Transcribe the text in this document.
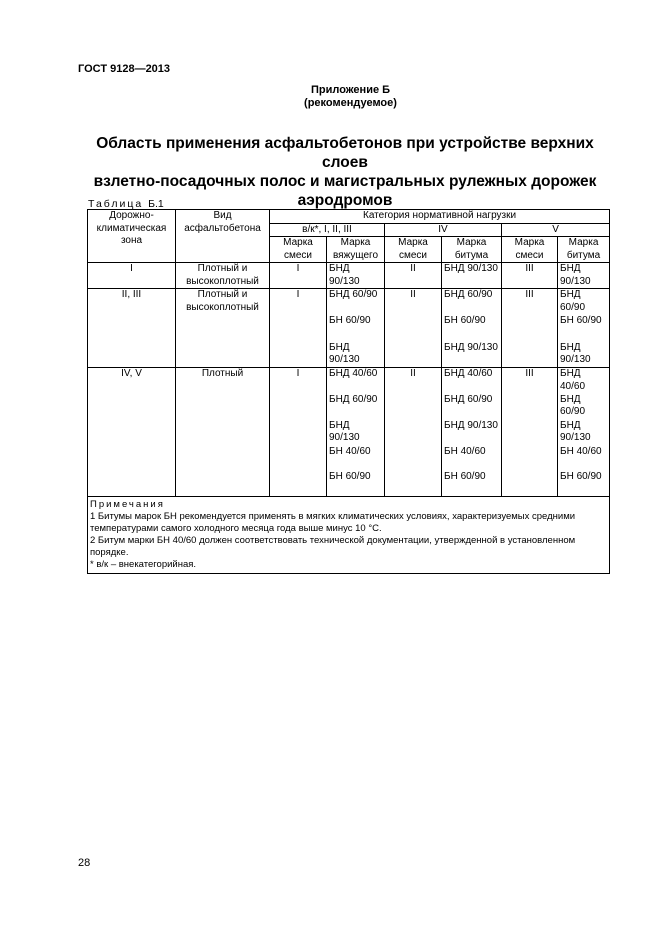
ГОСТ 9128—2013
Приложение Б
(рекомендуемое)
Область применения асфальтобетонов при устройстве верхних слоев
взлетно-посадочных полос и магистральных рулежных дорожек
аэродромов
Таблица Б.1
Дорожно-климатическая зона	Вид асфальтобетона	Категория нормативной нагрузки					
		в/к*, I, II, III		IV		V	
		Марка смеси	Марка вяжущего	Марка смеси	Марка битума	Марка смеси	Марка битума
I	Плотный и высокоплотный	I	БНД 90/130	II	БНД 90/130	III	БНД 90/130
II, III	Плотный и высокоплотный	I	БНД 60/90	II	БНД 60/90	III	БНД 60/90
			БН 60/90		БН 60/90		БН 60/90
			БНД 90/130		БНД 90/130		БНД 90/130
IV, V	Плотный	I	БНД 40/60	II	БНД 40/60	III	БНД 40/60
			БНД 60/90		БНД 60/90		БНД 60/90
			БНД 90/130		БНД 90/130		БНД 90/130
			БН 40/60		БН 40/60		БН 40/60
			БН 60/90		БН 60/90		БН 60/90

Примечания
1 Битумы марок БН рекомендуется применять в мягких климатических условиях, характеризуемых средними температурами самого холодного месяца года выше минус 10 °С.
2 Битум марки БН 40/60 должен соответствовать технической документации, утвержденной в установленном порядке.
* в/к – внекатегорийная.							
28
